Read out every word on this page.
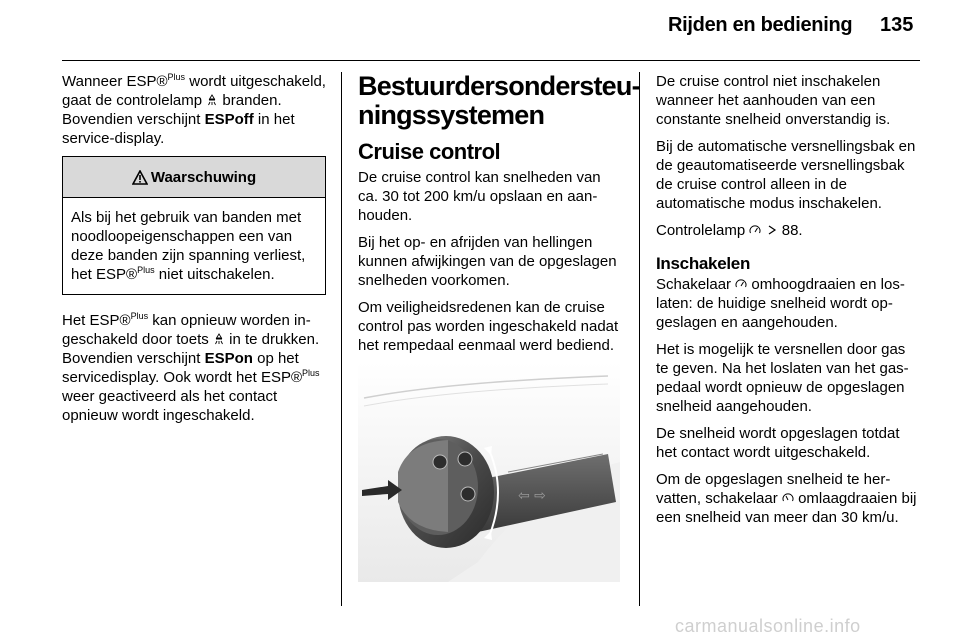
Rijden en bediening 135

Wanneer ESP®$^{Plus}$ wordt uitgeschakeld, gaat de controlelamp  branden. Bovendien verschijnt ESPoff in het service-display.

Waarschuwing
Als bij het gebruik van banden met noodloopeigenschappen een van deze banden zijn spanning verliest, het ESP®$^{Plus}$ niet uitschakelen.

Het ESP®$^{Plus}$ kan opnieuw worden ingeschakeld door toets  in te drukken. Bovendien verschijnt ESPon op het servicedisplay. Ook wordt het ESP®$^{Plus}$ weer geactiveerd als het contact opnieuw wordt ingeschakeld.

Bestuurdersondersteuningssystemen
Cruise control

De cruise control kan snelheden van ca. 30 tot 200 km/u opslaan en aanhouden.

Bij het op- en afrijden van hellingen kunnen afwijkingen van de opgeslagen snelheden voorkomen.

Om veiligheidsredenen kan de cruise control pas worden ingeschakeld nadat het rempedaal eenmaal werd bediend.

⇦ ⇨

De cruise control niet inschakelen wanneer het aanhouden van een constante snelheid onverstandig is.

Bij de automatische versnellingsbak en de geautomatiseerde versnellingsbak de cruise control alleen in de automatische modus inschakelen.

Controlelamp   88.

Inschakelen

Schakelaar  omhoogdraaien en loslaten: de huidige snelheid wordt opgeslagen en aangehouden.

Het is mogelijk te versnellen door gas te geven. Na het loslaten van het gaspedaal wordt opnieuw de opgeslagen snelheid aangehouden.

De snelheid wordt opgeslagen totdat het contact wordt uitgeschakeld.

Om de opgeslagen snelheid te hervatten, schakelaar  omlaagdraaien bij een snelheid van meer dan 30 km/u.

carmanualsonline.info
